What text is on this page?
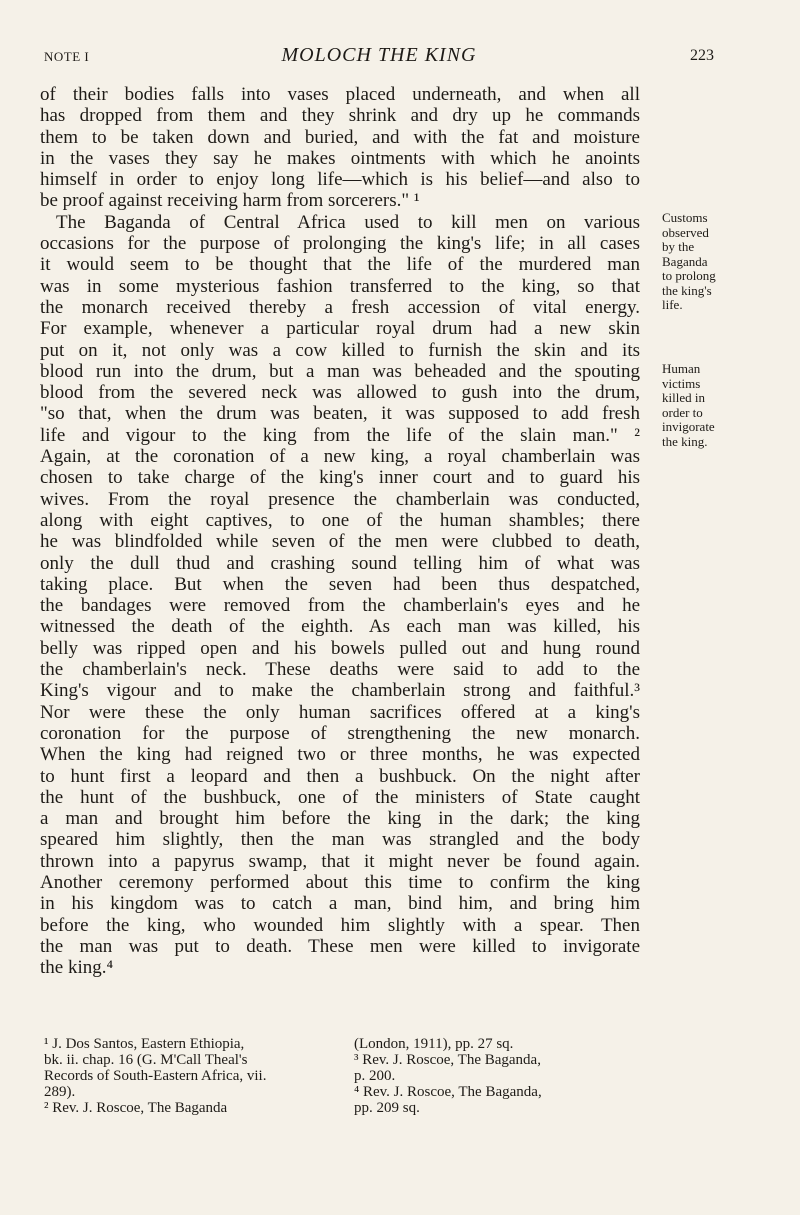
NOTE I	MOLOCH THE KING	223
of their bodies falls into vases placed underneath, and when all
has dropped from them and they shrink and dry up he commands
them to be taken down and buried, and with the fat and moisture
in the vases they say he makes ointments with which he anoints
himself in order to enjoy long life—which is his belief—and also to
be proof against receiving harm from sorcerers." ¹
The Baganda of Central Africa used to kill men on various
occasions for the purpose of prolonging the king's life; in all cases
it would seem to be thought that the life of the murdered man
was in some mysterious fashion transferred to the king, so that
the monarch received thereby a fresh accession of vital energy.
For example, whenever a particular royal drum had a new skin
put on it, not only was a cow killed to furnish the skin and its
blood run into the drum, but a man was beheaded and the spouting
blood from the severed neck was allowed to gush into the drum,
"so that, when the drum was beaten, it was supposed to add fresh
life and vigour to the king from the life of the slain man." ²
Again, at the coronation of a new king, a royal chamberlain was
chosen to take charge of the king's inner court and to guard his
wives. From the royal presence the chamberlain was conducted,
along with eight captives, to one of the human shambles; there
he was blindfolded while seven of the men were clubbed to death,
only the dull thud and crashing sound telling him of what was
taking place. But when the seven had been thus despatched,
the bandages were removed from the chamberlain's eyes and he
witnessed the death of the eighth. As each man was killed, his
belly was ripped open and his bowels pulled out and hung round
the chamberlain's neck. These deaths were said to add to the
King's vigour and to make the chamberlain strong and faithful.³
Nor were these the only human sacrifices offered at a king's
coronation for the purpose of strengthening the new monarch.
When the king had reigned two or three months, he was expected
to hunt first a leopard and then a bushbuck. On the night after
the hunt of the bushbuck, one of the ministers of State caught
a man and brought him before the king in the dark; the king
speared him slightly, then the man was strangled and the body
thrown into a papyrus swamp, that it might never be found again.
Another ceremony performed about this time to confirm the king
in his kingdom was to catch a man, bind him, and bring him
before the king, who wounded him slightly with a spear. Then
the man was put to death. These men were killed to invigorate
the king.⁴
Customs
observed
by the
Baganda
to prolong
the king's
life.
Human
victims
killed in
order to
invigorate
the king.
¹ J. Dos Santos, Eastern Ethiopia,
bk. ii. chap. 16 (G. M'Call Theal's
Records of South-Eastern Africa, vii.
289).
² Rev. J. Roscoe, The Baganda
(London, 1911), pp. 27 sq.
³ Rev. J. Roscoe, The Baganda,
p. 200.
⁴ Rev. J. Roscoe, The Baganda,
pp. 209 sq.
